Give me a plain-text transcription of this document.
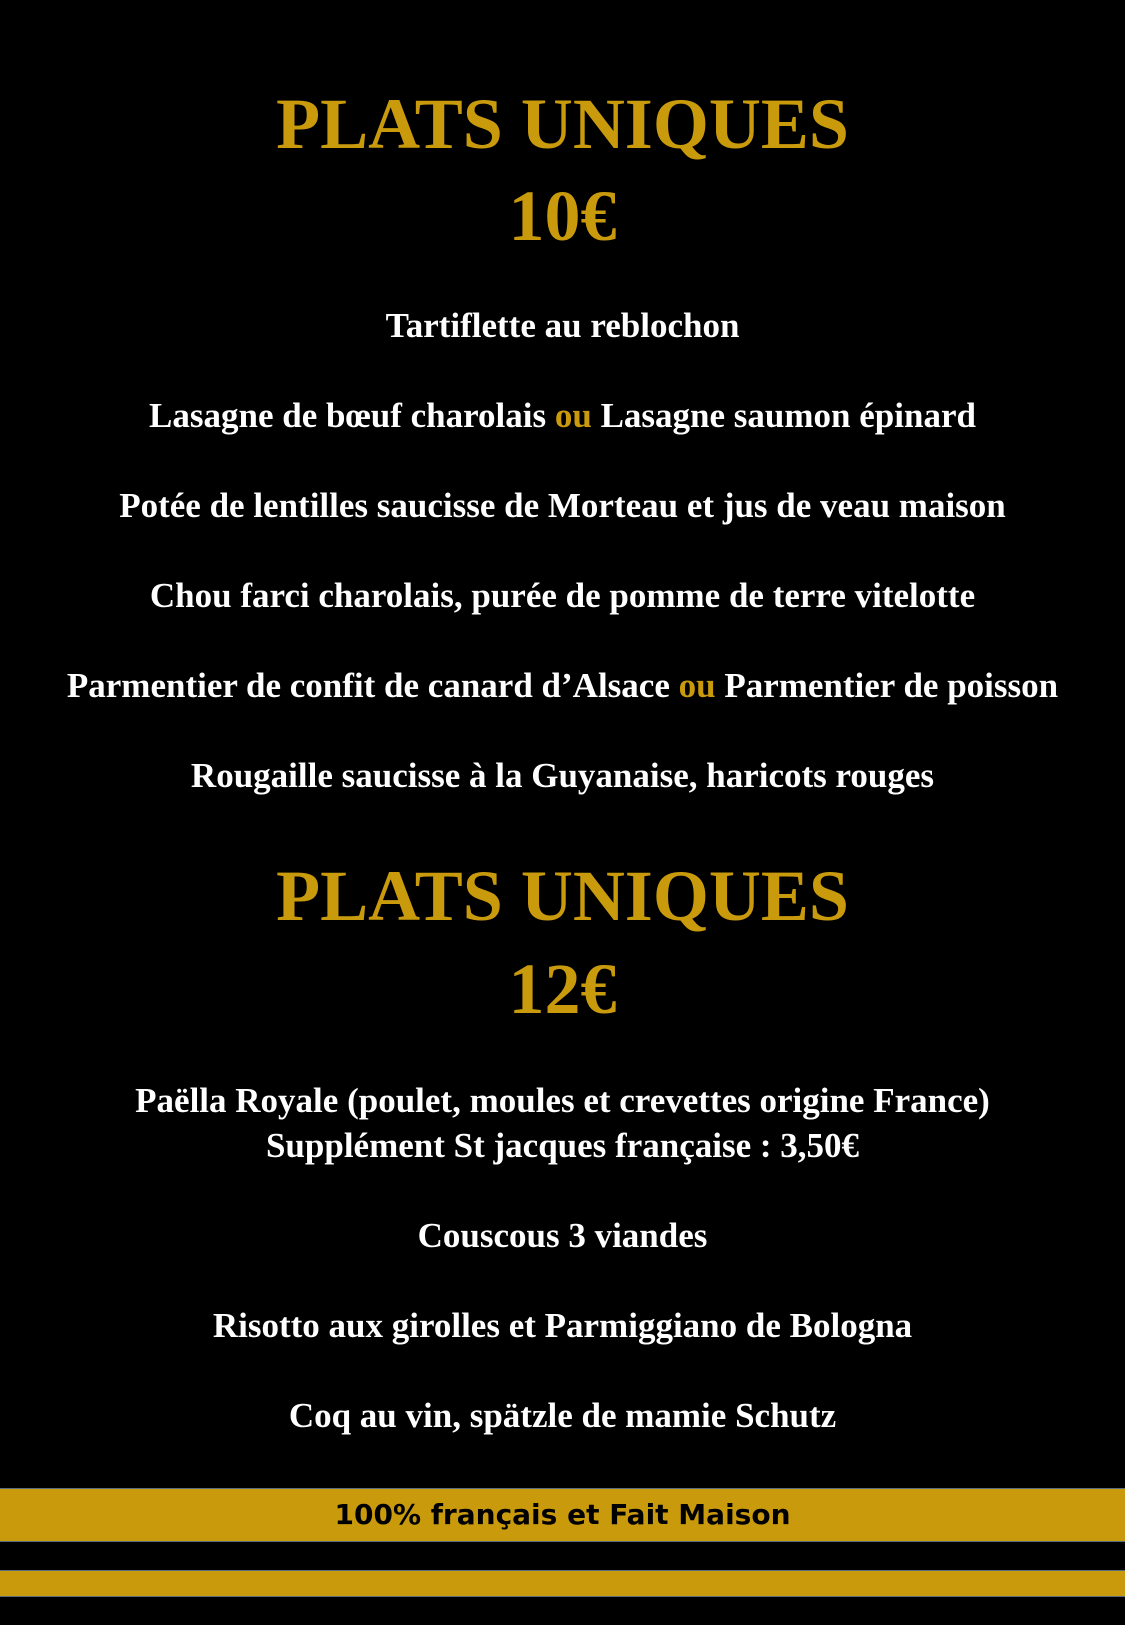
PLATS UNIQUES
10€
Tartiflette au reblochon
Lasagne de bœuf charolais ou Lasagne saumon épinard
Potée de lentilles saucisse de Morteau et jus de veau maison
Chou farci charolais, purée de pomme de terre vitelotte
Parmentier de confit de canard d’Alsace ou Parmentier de poisson
Rougaille saucisse à la Guyanaise, haricots rouges
PLATS UNIQUES
12€
Paëlla Royale (poulet, moules et crevettes origine France)
Supplément St jacques française : 3,50€
Couscous 3 viandes
Risotto aux girolles et Parmiggiano de Bologna
Coq au vin, spätzle de mamie Schutz
100% français et Fait Maison
